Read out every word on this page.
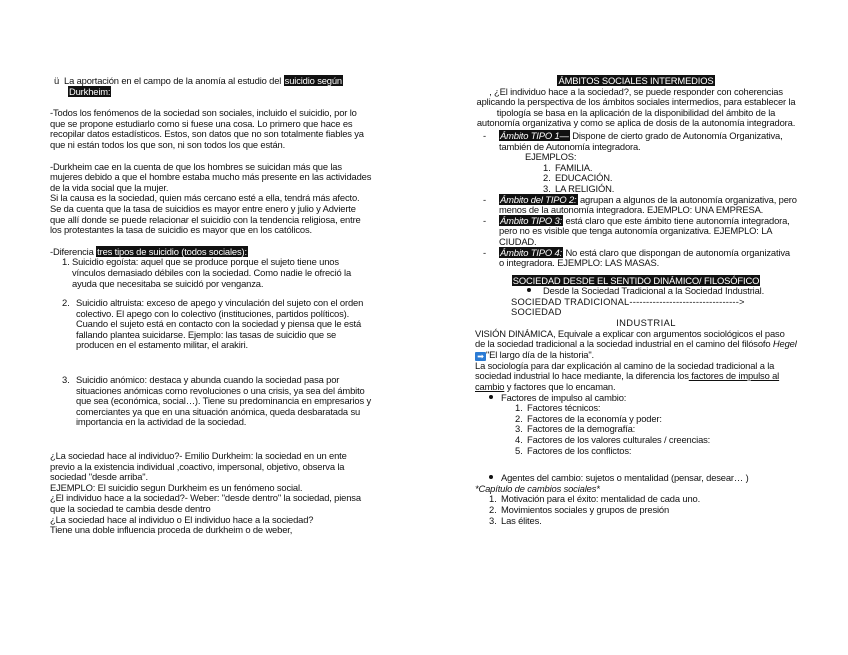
ü La aportación en el campo de la anomía al estudio del suicidio según
Durkheim:

-Todos los fenómenos de la sociedad son sociales, incluido el suicidio, por lo que se propone estudiarlo como si fuese una cosa. Lo primero que hace es recopilar datos estadísticos. Estos, son datos que no son totalmente fiables ya que ni están todos los que son, ni son todos los que están.

-Durkheim cae en la cuenta de que los hombres se suicidan más que las mujeres debido a que el hombre estaba mucho más presente en las actividades de la vida social que la mujer.

Si la causa es la sociedad, quien más cercano esté a ella, tendrá más afecto. Se da cuenta que la tasa de suicidios es mayor entre enero y julio y Advierte que allí donde se puede relacionar el suicidio con la tendencia religiosa, entre los protestantes la tasa de suicidio es mayor que en los católicos.

-Diferencia tres tipos de suicidio (todos sociales):
1. Suicidio egoísta: aquel que se produce porque el sujeto tiene unos vínculos demasiado débiles con la sociedad. Como nadie le ofreció la ayuda que necesitaba se suicidó por venganza.
2. Suicidio altruista: exceso de apego y vinculación del sujeto con el orden colectivo. El apego con lo colectivo (instituciones, partidos políticos). Cuando el sujeto está en contacto con la sociedad y piensa que le está fallando plantea suicidarse. Ejemplo: las tasas de suicidio que se producen en el estamento militar, el arakiri.
3. Suicidio anómico: destaca y abunda cuando la sociedad pasa por situaciones anómicas como revoluciones o una crisis, ya sea del ámbito que sea (económica, social…). Tiene su predominancia en empresarios y comerciantes ya que en una situación anómica, queda desbaratada su importancia en la actividad de la sociedad.

¿La sociedad hace al individuo?- Emilio Durkheim: la sociedad en un ente previo a la existencia individual ,coactivo, impersonal, objetivo, observa la sociedad "desde arriba".

EJEMPLO: El suicidio segun Durkheim es un fenómeno social.

¿El individuo hace a la sociedad?- Weber: "desde dentro" la sociedad, piensa que la sociedad te cambia desde dentro

¿La sociedad hace al individuo o El individuo hace a la sociedad?

Tiene una doble influencia proceda de durkheim o de weber,

ÁMBITOS SOCIALES INTERMEDIOS

, ¿El individuo hace a la sociedad?, se puede responder con coherencias aplicando la perspectiva de los ámbitos sociales intermedios, para establecer la tipología se basa en la aplicación de la disponibilidad del ámbito de la autonomía organizativa y como se aplica de dosis de la autonomía integradora.

-	Ámbito TIPO 1— Dispone de cierto grado de Autonomía Organizativa, también de Autonomía integradora.
EJEMPLOS:
1. FAMILIA.
2. EDUCACIÓN.
3. LA RELIGIÓN.
-	Ámbito del TIPO 2: agrupan a algunos de la autonomía organizativa, pero menos de la autonomía integradora. EJEMPLO: UNA EMPRESA.
-	Ámbito TIPO 3: está claro que este ámbito tiene autonomía integradora, pero no es visible que tenga autonomía organizativa. EJEMPLO: LA CIUDAD.
-	Ámbito TIPO 4: No está claro que dispongan de autonomía organizativa o integradora. EJEMPLO: LAS MASAS.
SOCIEDAD DESDE EL SENTIDO DINÁMICO/ FILOSÓFICO
Desde la Sociedad Tradicional a la Sociedad Industrial.
SOCIEDAD TRADICIONAL---------------------------------> SOCIEDAD
INDUSTRIAL

VISIÓN DINÁMICA, Equivale a explicar con argumentos sociológicos el paso de la sociedad tradicional a la sociedad industrial en el camino del filósofo Hegel ➡ "El largo día de la historia".

La sociología para dar explicación al camino de la sociedad tradicional a la sociedad industrial lo hace mediante, la diferencia los factores de impulso al cambio y factores que lo encaman.

Factores de impulso al cambio:
1. Factores técnicos:
2. Factores de la economía y poder:
3. Factores de la demografía:
4. Factores de los valores culturales / creencias:
5. Factores de los conflictos:
Agentes del cambio: sujetos o mentalidad (pensar, desear… )
*Capítulo de cambios sociales*
1. Motivación para el éxito: mentalidad de cada uno.
2. Movimientos sociales y grupos de presión
3. Las élites.
